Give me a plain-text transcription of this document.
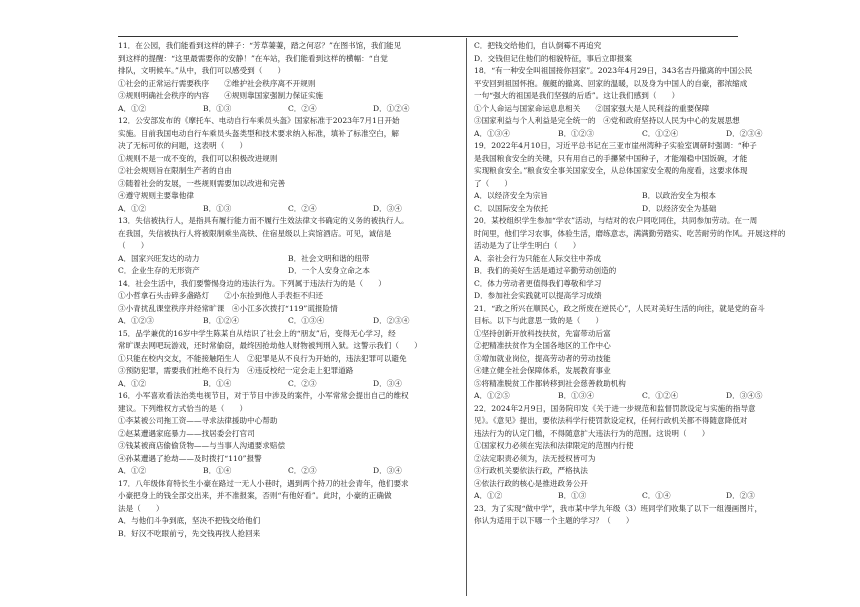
11．在公园，我们能看到这样的牌子：“芳草萋萋，踏之何忍？”在图书馆，我们能见
到这样的提醒：“这里最需要你的安静！”在车站，我们能看到这样的横幅：“自觉
排队，文明候车。”从中，我们可以感受到（　　）
①社会的正常运行需要秩序　　②维护社会秩序离不开规则
③规则明确社会秩序的内容　　④规则靠国家强制力保证实施
A．①②	B．①③	C．②④	D．①②④
12．公安部发布的《摩托车、电动自行车乘员头盔》国家标准于2023年7月1日开始
实施。目前我国电动自行车乘员头盔类型和技术要求纳入标准，填补了标准空白，解
决了无标可依的问题，这表明（　　）
①规则不是一成不变的，我们可以积极改进规则
②社会规则旨在限制生产者的自由
③随着社会的发展，一些规则需要加以改进和完善
④遵守规则主要靠他律
A．①②	B．①③	C．②④	D．③④
13．失信被执行人，是指具有履行能力而不履行生效法律文书确定的义务的被执行人。
在我国，失信被执行人将被限制乘坐高铁、住宿星级以上宾馆酒店。可见，诚信是
（　　）
A．国家兴旺发达的动力	B．社会文明和谐的纽带
C．企业生存的无形资产	D．一个人安身立命之本
14．社会生活中，我们要警惕身边的违法行为。下列属于违法行为的是（　　）
①小哲拿石头击碎多盏路灯　　②小东捡到他人手表拒不归还
③小青扰乱课堂秩序并经常旷课　④小江多次拨打“119”谎报险情
A．①②③	B．①②④	C．①③④	D．②③④
15．品学兼优的16岁中学生陈某自从结识了社会上的“朋友”后，变得无心学习，经
常旷课去网吧玩游戏，还时常偷窃，最终因抢劫他人财物被判刑入狱。这警示我们（　　）
①只能在校内交友，不能接触陌生人　②犯罪是从不良行为开始的，违法犯罪可以避免
③预防犯罪，需要我们杜绝不良行为　④违反校纪一定会走上犯罪道路
A．①②	B．①④	C．②③	D．③④
16．小军喜欢看法治类电视节目，对于节目中涉及的案件，小军常常会提出自己的维权
建议。下列维权方式恰当的是（　　）
①李某被公司拖工资——寻求法律援助中心帮助
②赵某遭遇家庭暴力——找居委会打官司
③钱某被商店偷偷货物——与当事人沟通要求赔偿
④孙某遭遇了抢劫——及时拨打“110”报警
A．①②	B．①④	C．②③	D．③④
17．八年级体育特长生小豪在路过一无人小巷时，遇到两个持刀的社会青年，他们要求
小豪把身上的钱全部交出来，并不准报案，否则“有他好看”。此时，小豪的正确做
法是（　　）
A．与他们斗争到底，坚决不把钱交给他们
B．好汉不吃眼前亏，先交钱再找人抢回来
C．把钱交给他们，自认倒霉不再追究
D．交钱但记住他们的相貌特征，事后立即报案
18．“有一种安全叫祖国接你回家”。2023年4月29日，343名吉丹撤离的中国公民
平安回到祖国怀抱。舰艇的撤离、回家的温暖，以及身为中国人的自豪，都浓缩成
一句“强大的祖国是我们坚强的后盾”。这让我们感到（　　）
①个人命运与国家命运息息相关　　②国家强大是人民利益的重要保障
③国家利益与个人利益是完全统一的　④党和政府坚持以人民为中心的发展思想
A．①③④	B．①②③	C．①②④	D．②③④
19．2022年4月10日，习近平总书记在三亚市崖州湾种子实验室调研时强调：“种子
是我国粮食安全的关键，只有用自己的手攥紧中国种子，才能端稳中国饭碗，才能
实现粮食安全。”粮食安全事关国家安全，从总体国家安全观的角度看，这要求体现
了（　　）
A．以经济安全为宗旨	B．以政治安全为根本
C．以国际安全为依托	D．以经济安全为基础
20．某校组织学生参加“学农”活动，与结对的农户同吃同住，共同参加劳动。在一周
时间里，他们学习农事，体验生活，磨练意志，满满勤劳踏实、吃苦耐劳的作风。开展这样的
活动是为了让学生明白（　　）
A．亲社会行为只能在人际交往中养成
B．我们的美好生活是通过辛勤劳动创造的
C．体力劳动者更值得我们尊敬和学习
D．参加社会实践就可以提高学习成绩
21．“政之所兴在顺民心，政之所废在逆民心”，人民对美好生活的向往，就是党的奋斗
目标。以下与此意思一致的是（　　）
①坚持创新开放科技扶贫，先富带动后富
②把精准扶贫作为全国各地区的工作中心
③增加就业岗位，提高劳动者的劳动技能
④建立健全社会保障体系，发展教育事业
⑤将精准脱贫工作都转移到社会慈善救助机构
A．①②⑤	B．①③④	C．①②④	D．③④⑤
22．2024年2月9日，国务院印发《关于进一步规范和监督罚款设定与实施的指导意
见》。《意见》提出，要依法科学行使罚款设定权，任何行政机关都不得随意降低对
违法行为的认定门槛，不得随意扩大违法行为的范围。这说明（　　）
①国家权力必须在宪法和法律限定的范围内行使
②法定职责必须为，法无授权皆可为
③行政机关要依法行政，严格执法
④依法行政的核心是推进政务公开
A．①②	B．①③	C．①④	D．②③
23．为了实现“做中学”，我市某中学九年级（3）班同学们收集了以下一组漫画图片，
你认为适用于以下哪一个主题的学习？（　　）
